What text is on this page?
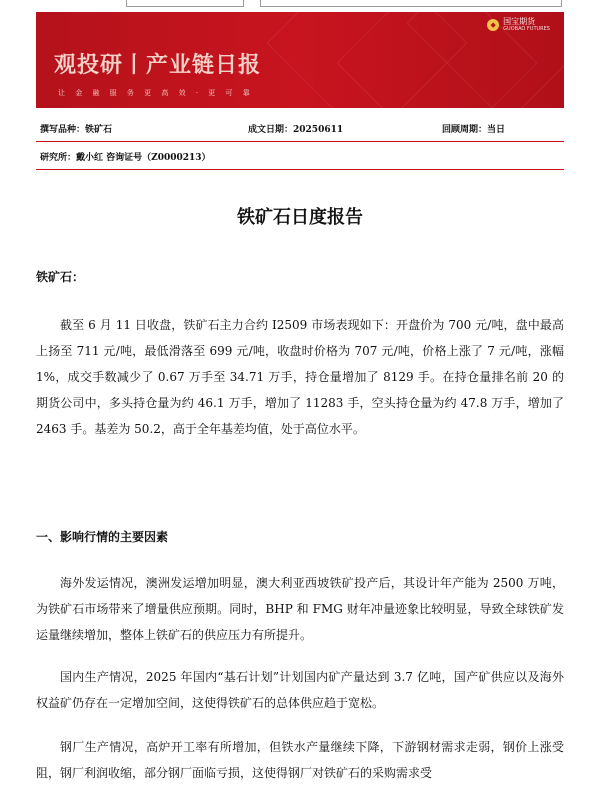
观投研丨产业链日报
让 金 融 服 务 更 高 效 · 更 可 靠
◆ 国宝期货
GUOBAO FUTURES
撰写品种：铁矿石	成文日期：20250611	回顾周期：当日
研究所：戴小红 咨询证号（Z0000213）
铁矿石日度报告
铁矿石：

截至 6 月 11 日收盘，铁矿石主力合约 I2509 市场表现如下：开盘价为 700 元/吨，盘中最高上扬至 711 元/吨，最低滑落至 699 元/吨，收盘时价格为 707 元/吨，价格上涨了 7 元/吨，涨幅 1%，成交手数减少了 0.67 万手至 34.71 万手，持仓量增加了 8129 手。在持仓量排名前 20 的期货公司中，多头持仓量为约 46.1 万手，增加了 11283 手，空头持仓量为约 47.8 万手，增加了 2463 手。基差为 50.2，高于全年基差均值，处于高位水平。

一、影响行情的主要因素

海外发运情况，澳洲发运增加明显，澳大利亚西坡铁矿投产后，其设计年产能为 2500 万吨，为铁矿石市场带来了增量供应预期。同时，BHP 和 FMG 财年冲量迹象比较明显，导致全球铁矿发运量继续增加，整体上铁矿石的供应压力有所提升。

国内生产情况，2025 年国内“基石计划”计划国内矿产量达到 3.7 亿吨，国产矿供应以及海外权益矿仍存在一定增加空间，这使得铁矿石的总体供应趋于宽松。

钢厂生产情况，高炉开工率有所增加，但铁水产量继续下降，下游钢材需求走弱，钢价上涨受阻，钢厂利润收缩，部分钢厂面临亏损，这使得钢厂对铁矿石的采购需求受
